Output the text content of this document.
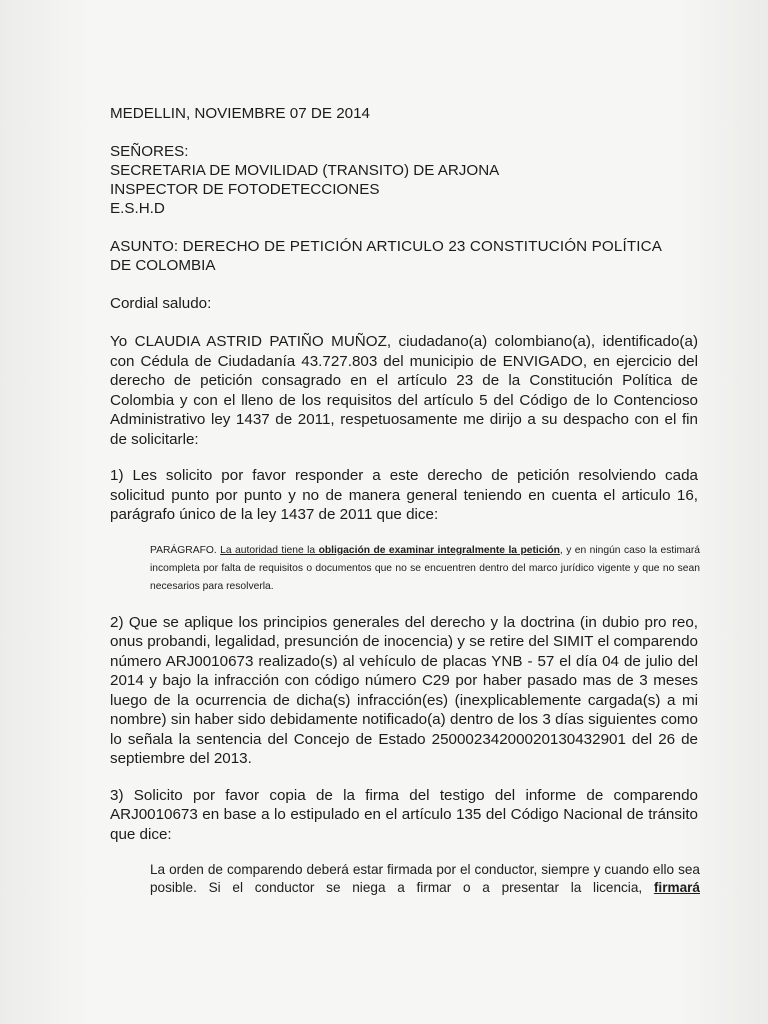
MEDELLIN, NOVIEMBRE 07 DE 2014

SEÑORES:

SECRETARIA DE MOVILIDAD (TRANSITO) DE ARJONA

INSPECTOR DE FOTODETECCIONES

E.S.H.D

ASUNTO: DERECHO DE PETICIÓN ARTICULO 23 CONSTITUCIÓN POLÍTICA

DE COLOMBIA

Cordial saludo:

Yo CLAUDIA ASTRID PATIÑO MUÑOZ, ciudadano(a) colombiano(a), identificado(a) con Cédula de Ciudadanía 43.727.803 del municipio de ENVIGADO, en ejercicio del derecho de petición consagrado en el artículo 23 de la Constitución Política de Colombia y con el lleno de los requisitos del artículo 5 del Código de lo Contencioso Administrativo ley 1437 de 2011, respetuosamente me dirijo a su despacho con el fin de solicitarle:

1) Les solicito por favor responder a este derecho de petición resolviendo cada solicitud punto por punto y no de manera general teniendo en cuenta el articulo 16, parágrafo único de la ley 1437 de 2011 que dice:

PARÁGRAFO. La autoridad tiene la obligación de examinar integralmente la petición, y en ningún caso la estimará incompleta por falta de requisitos o documentos que no se encuentren dentro del marco jurídico vigente y que no sean necesarios para resolverla.

2) Que se aplique los principios generales del derecho y la doctrina (in dubio pro reo, onus probandi, legalidad, presunción de inocencia) y se retire del SIMIT el comparendo número ARJ0010673 realizado(s) al vehículo de placas YNB - 57 el día 04 de julio del 2014 y bajo la infracción con código número C29 por haber pasado mas de 3 meses luego de la ocurrencia de dicha(s) infracción(es) (inexplicablemente cargada(s) a mi nombre) sin haber sido debidamente notificado(a) dentro de los 3 días siguientes como lo señala la sentencia del Concejo de Estado 25000234200020130432901 del 26 de septiembre del 2013.

3) Solicito por favor copia de la firma del testigo del informe de comparendo ARJ0010673 en base a lo estipulado en el artículo 135 del Código Nacional de tránsito que dice:

La orden de comparendo deberá estar firmada por el conductor, siempre y cuando ello sea posible. Si el conductor se niega a firmar o a presentar la licencia, firmará
